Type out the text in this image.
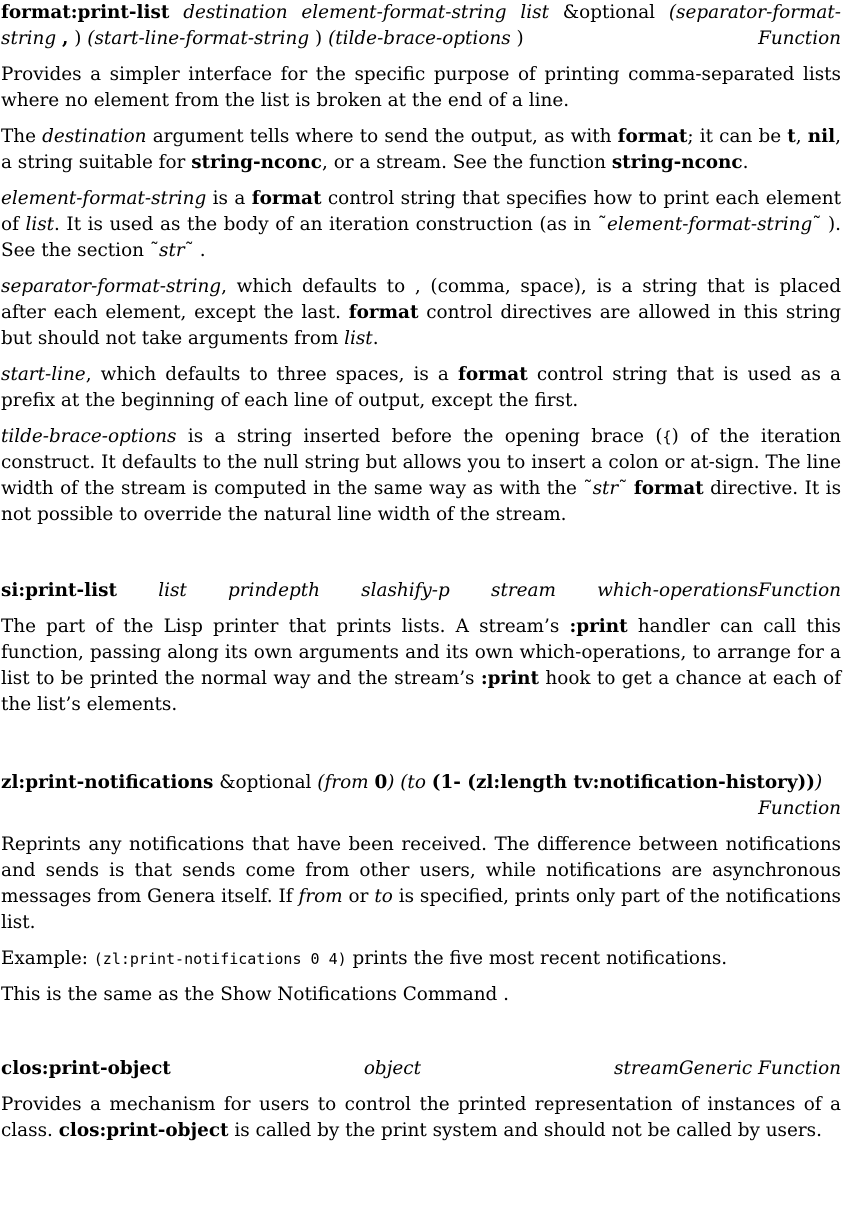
format:print-list destination element-format-string list &optional (separator-format-string , ) (start-line-format-string ) (tilde-brace-options )	Function

Provides a simpler interface for the specific purpose of printing comma-separated lists where no element from the list is broken at the end of a line.

The destination argument tells where to send the output, as with format; it can be t, nil, a string suitable for string-nconc, or a stream. See the function string-nconc.

element-format-string is a format control string that specifies how to print each element of list. It is used as the body of an iteration construction (as in ˜element-format-string˜ ). See the section ˜str˜ .

separator-format-string, which defaults to , (comma, space), is a string that is placed after each element, except the last. format control directives are allowed in this string but should not take arguments from list.

start-line, which defaults to three spaces, is a format control string that is used as a prefix at the beginning of each line of output, except the first.

tilde-brace-options is a string inserted before the opening brace ({) of the iteration construct. It defaults to the null string but allows you to insert a colon or at-sign. The line width of the stream is computed in the same way as with the ˜str˜ format directive. It is not possible to override the natural line width of the stream.

si:print-list list prindepth slashify-p stream which-operations Function

The part of the Lisp printer that prints lists. A stream’s :print handler can call this function, passing along its own arguments and its own which-operations, to arrange for a list to be printed the normal way and the stream’s :print hook to get a chance at each of the list’s elements.

zl:print-notifications &optional (from 0) (to (1- (zl:length tv:notification-history)))
Function

Reprints any notifications that have been received. The difference between notifications and sends is that sends come from other users, while notifications are asynchronous messages from Genera itself. If from or to is specified, prints only part of the notifications list.

Example: (zl:print-notifications 0 4) prints the five most recent notifications.

This is the same as the Show Notifications Command .

clos:print-object	object stream Generic Function

Provides a mechanism for users to control the printed representation of instances of a class. clos:print-object is called by the print system and should not be called by users.
